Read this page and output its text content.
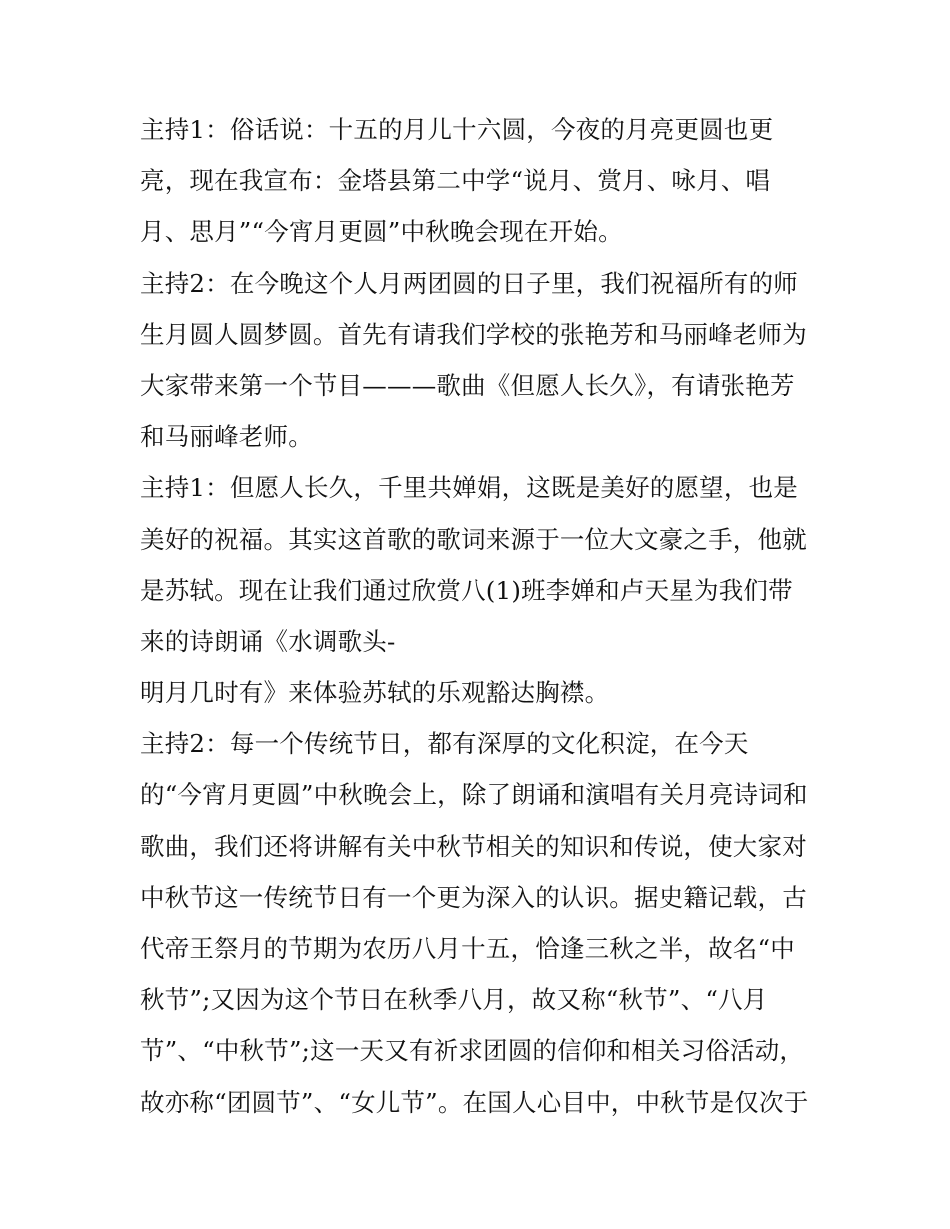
主持1：俗话说：十五的月儿十六圆，今夜的月亮更圆也更
亮，现在我宣布：金塔县第二中学“说月、赏月、咏月、唱
月、思月”“今宵月更圆”中秋晚会现在开始。
主持2：在今晚这个人月两团圆的日子里，我们祝福所有的师
生月圆人圆梦圆。首先有请我们学校的张艳芳和马丽峰老师为
大家带来第一个节目———歌曲《但愿人长久》，有请张艳芳
和马丽峰老师。
主持1：但愿人长久，千里共婵娟，这既是美好的愿望，也是
美好的祝福。其实这首歌的歌词来源于一位大文豪之手，他就
是苏轼。现在让我们通过欣赏八(1)班李婵和卢天星为我们带
来的诗朗诵《水调歌头-
明月几时有》来体验苏轼的乐观豁达胸襟。
主持2：每一个传统节日，都有深厚的文化积淀，在今天
的“今宵月更圆”中秋晚会上，除了朗诵和演唱有关月亮诗词和
歌曲，我们还将讲解有关中秋节相关的知识和传说，使大家对
中秋节这一传统节日有一个更为深入的认识。据史籍记载，古
代帝王祭月的节期为农历八月十五，恰逢三秋之半，故名“中
秋节”;又因为这个节日在秋季八月，故又称“秋节”、“八月
节”、“中秋节”;这一天又有祈求团圆的信仰和相关习俗活动，
故亦称“团圆节”、“女儿节”。在国人心目中，中秋节是仅次于
